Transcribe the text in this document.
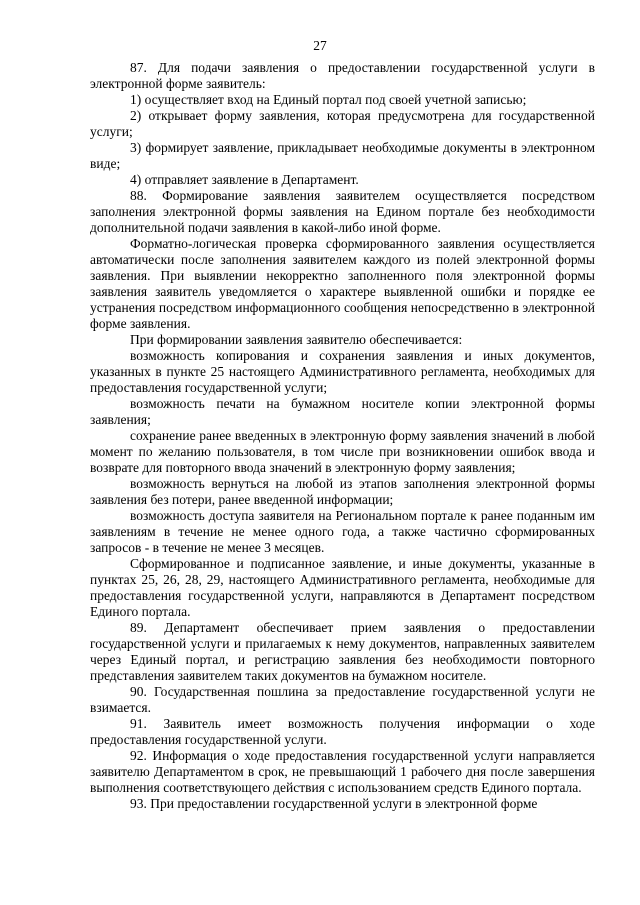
27

87. Для подачи заявления о предоставлении государственной услуги в электронной форме заявитель:

1) осуществляет вход на Единый портал под своей учетной записью;

2) открывает форму заявления, которая предусмотрена для государственной услуги;

3) формирует заявление, прикладывает необходимые документы в электронном виде;

4) отправляет заявление в Департамент.

88. Формирование заявления заявителем осуществляется посредством заполнения электронной формы заявления на Едином портале без необходимости дополнительной подачи заявления в какой-либо иной форме.

Форматно-логическая проверка сформированного заявления осуществляется автоматически после заполнения заявителем каждого из полей электронной формы заявления. При выявлении некорректно заполненного поля электронной формы заявления заявитель уведомляется о характере выявленной ошибки и порядке ее устранения посредством информационного сообщения непосредственно в электронной форме заявления.

При формировании заявления заявителю обеспечивается:

возможность копирования и сохранения заявления и иных документов, указанных в пункте 25 настоящего Административного регламента, необходимых для предоставления государственной услуги;

возможность печати на бумажном носителе копии электронной формы заявления;

сохранение ранее введенных в электронную форму заявления значений в любой момент по желанию пользователя, в том числе при возникновении ошибок ввода и возврате для повторного ввода значений в электронную форму заявления;

возможность вернуться на любой из этапов заполнения электронной формы заявления без потери, ранее введенной информации;

возможность доступа заявителя на Региональном портале к ранее поданным им заявлениям в течение не менее одного года, а также частично сформированных запросов - в течение не менее 3 месяцев.

Сформированное и подписанное заявление, и иные документы, указанные в пунктах 25, 26, 28, 29, настоящего Административного регламента, необходимые для предоставления государственной услуги, направляются в Департамент посредством Единого портала.

89. Департамент обеспечивает прием заявления о предоставлении государственной услуги и прилагаемых к нему документов, направленных заявителем через Единый портал, и регистрацию заявления без необходимости повторного представления заявителем таких документов на бумажном носителе.

90. Государственная пошлина за предоставление государственной услуги не взимается.

91. Заявитель имеет возможность получения информации о ходе предоставления государственной услуги.

92. Информация о ходе предоставления государственной услуги направляется заявителю Департаментом в срок, не превышающий 1 рабочего дня после завершения выполнения соответствующего действия с использованием средств Единого портала.

93. При предоставлении государственной услуги в электронной форме
